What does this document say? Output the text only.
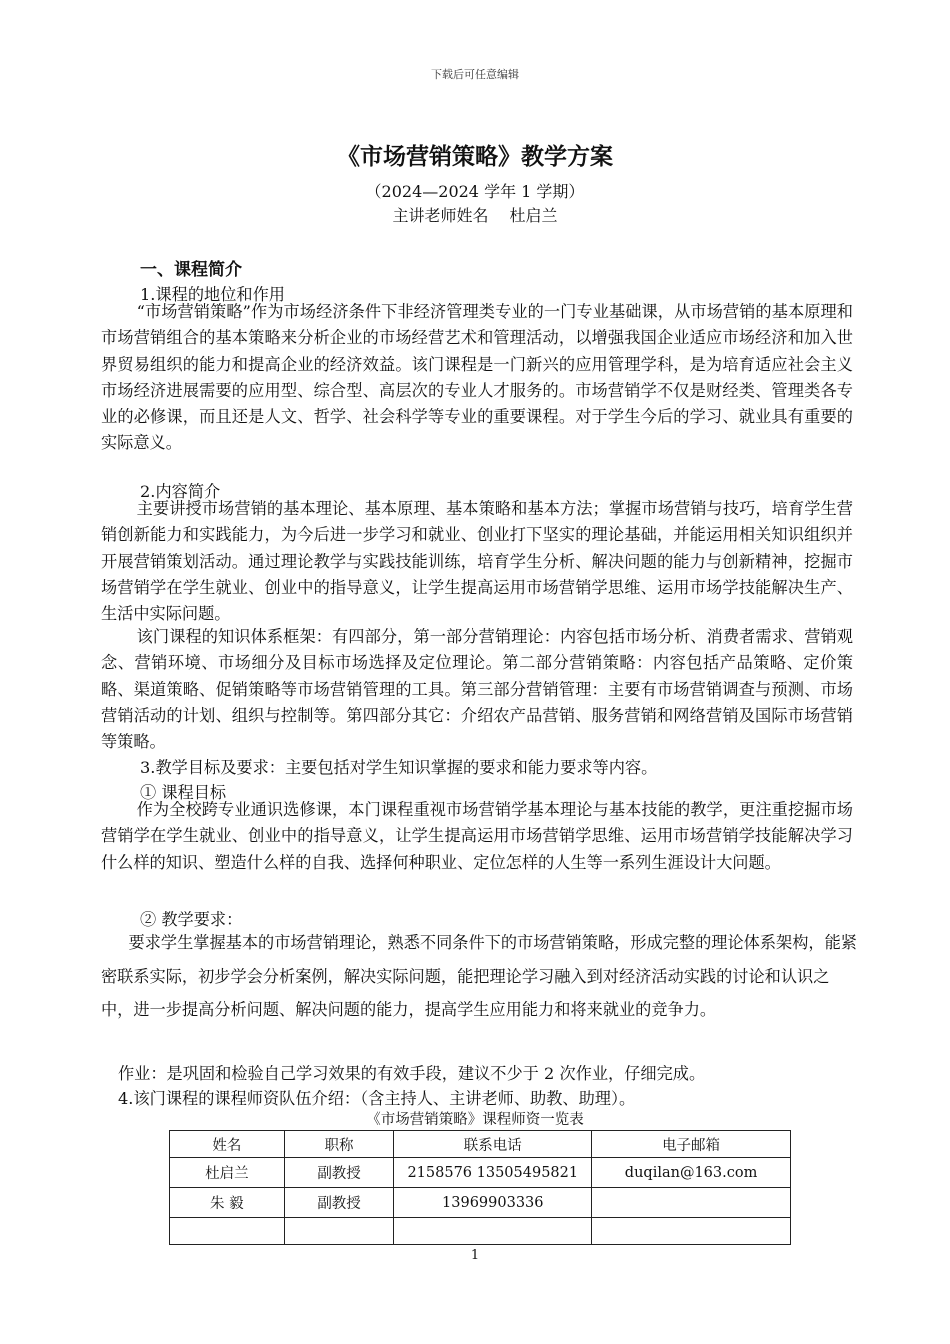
下载后可任意编辑
《市场营销策略》教学方案
（2024—2024 学年 1 学期）
主讲老师姓名　 杜启兰
一、课程简介
1.课程的地位和作用

“市场营销策略”作为市场经济条件下非经济管理类专业的一门专业基础课，从市场营销的基本原理和市场营销组合的基本策略来分析企业的市场经营艺术和管理活动，以增强我国企业适应市场经济和加入世界贸易组织的能力和提高企业的经济效益。该门课程是一门新兴的应用管理学科，是为培育适应社会主义市场经济进展需要的应用型、综合型、高层次的专业人才服务的。市场营销学不仅是财经类、管理类各专业的必修课，而且还是人文、哲学、社会科学等专业的重要课程。对于学生今后的学习、就业具有重要的实际意义。

2.内容简介

主要讲授市场营销的基本理论、基本原理、基本策略和基本方法；掌握市场营销与技巧，培育学生营销创新能力和实践能力，为今后进一步学习和就业、创业打下坚实的理论基础，并能运用相关知识组织并开展营销策划活动。通过理论教学与实践技能训练，培育学生分析、解决问题的能力与创新精神，挖掘市场营销学在学生就业、创业中的指导意义，让学生提高运用市场营销学思维、运用市场学技能解决生产、生活中实际问题。

该门课程的知识体系框架：有四部分，第一部分营销理论：内容包括市场分析、消费者需求、营销观念、营销环境、市场细分及目标市场选择及定位理论。第二部分营销策略：内容包括产品策略、定价策略、渠道策略、促销策略等市场营销管理的工具。第三部分营销管理：主要有市场营销调查与预测、市场营销活动的计划、组织与控制等。第四部分其它：介绍农产品营销、服务营销和网络营销及国际市场营销等策略。

3.教学目标及要求：主要包括对学生知识掌握的要求和能力要求等内容。
① 课程目标

作为全校跨专业通识选修课，本门课程重视市场营销学基本理论与基本技能的教学，更注重挖掘市场营销学在学生就业、创业中的指导意义，让学生提高运用市场营销学思维、运用市场营销学技能解决学习什么样的知识、塑造什么样的自我、选择何种职业、定位怎样的人生等一系列生涯设计大问题。

② 教学要求：

要求学生掌握基本的市场营销理论，熟悉不同条件下的市场营销策略，形成完整的理论体系架构，能紧密联系实际，初步学会分析案例，解决实际问题，能把理论学习融入到对经济活动实践的讨论和认识之中，进一步提高分析问题、解决问题的能力，提高学生应用能力和将来就业的竞争力。

作业：是巩固和检验自己学习效果的有效手段，建议不少于 2 次作业，仔细完成。
4.该门课程的课程师资队伍介绍：（含主持人、主讲老师、助教、助理）。
《市场营销策略》课程师资一览表
姓名	职称	联系电话	电子邮箱
杜启兰	副教授	2158576 13505495821	duqilan@163.com
朱 毅	副教授	13969903336	

1
